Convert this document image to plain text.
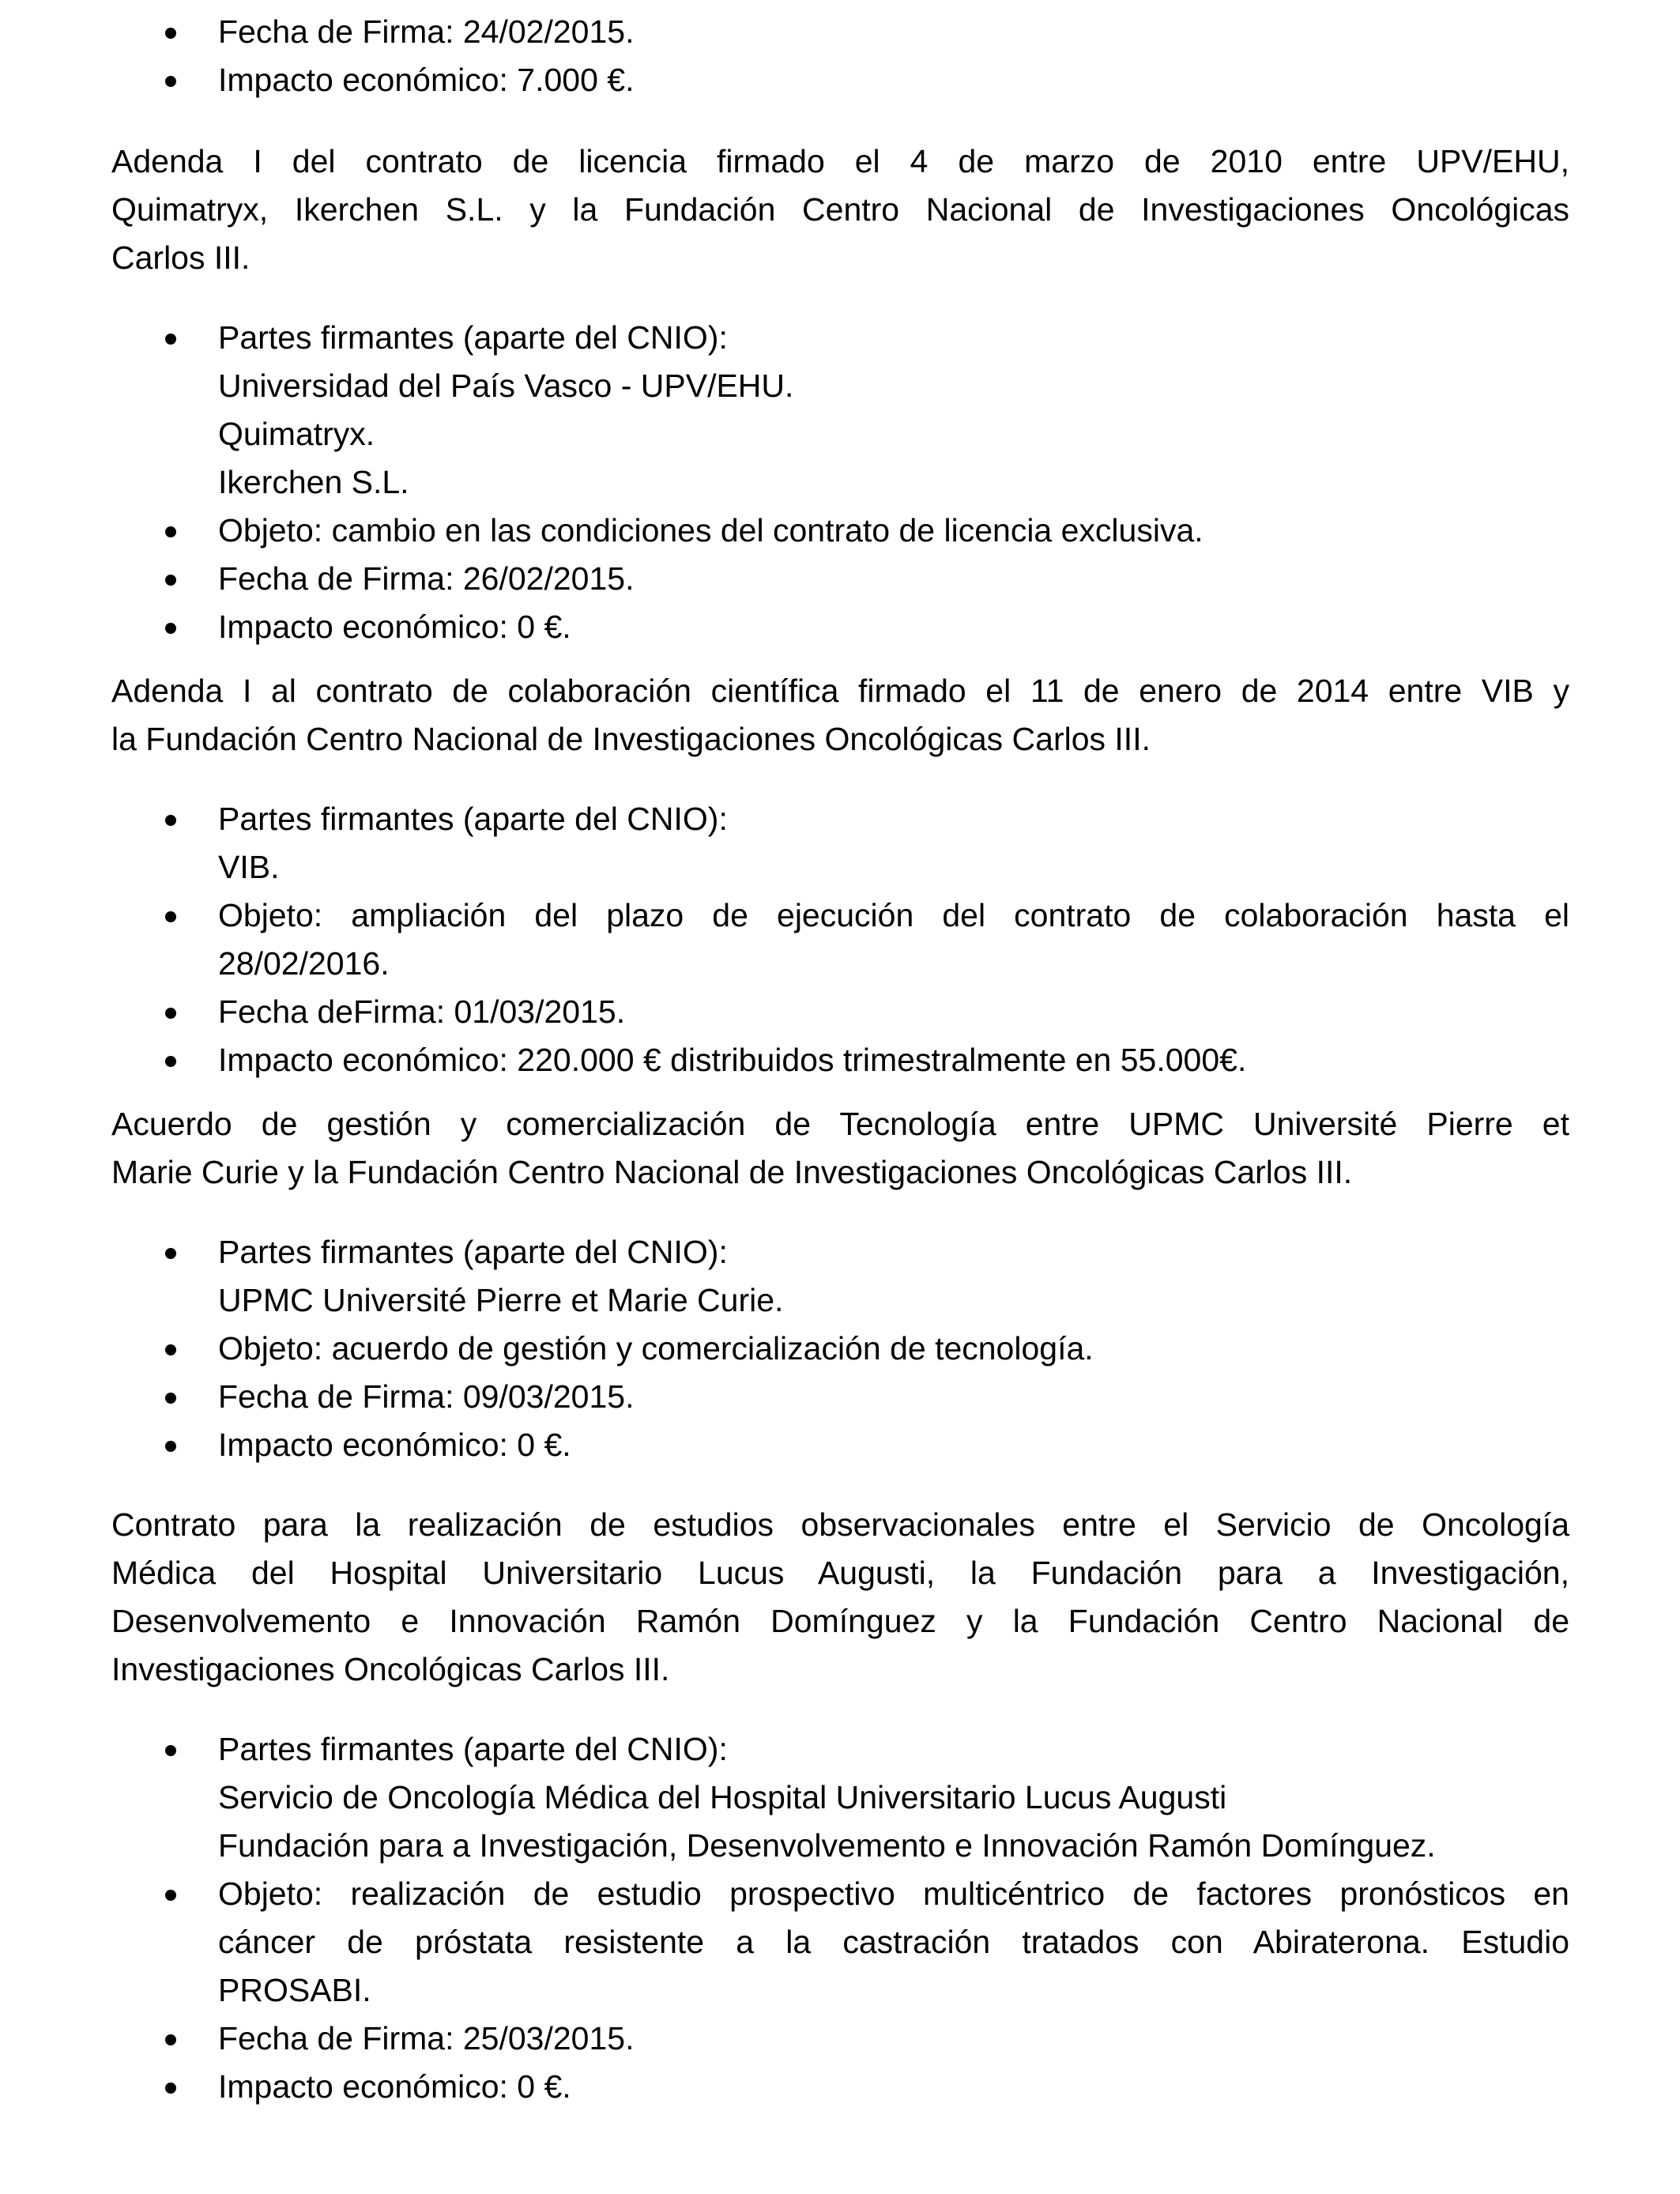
Fecha de Firma: 24/02/2015.
Impacto económico: 7.000 €.
Adenda I del contrato de licencia firmado el 4 de marzo de 2010 entre UPV/EHU,
Quimatryx, Ikerchen S.L. y la Fundación Centro Nacional de Investigaciones Oncológicas
Carlos III.
Partes firmantes (aparte del CNIO):
Universidad del País Vasco - UPV/EHU.
Quimatryx.
Ikerchen S.L.
Objeto: cambio en las condiciones del contrato de licencia exclusiva.
Fecha de Firma: 26/02/2015.
Impacto económico: 0 €.
Adenda I al contrato de colaboración científica firmado el 11 de enero de 2014 entre VIB y
la Fundación Centro Nacional de Investigaciones Oncológicas Carlos III.
Partes firmantes (aparte del CNIO):
VIB.
Objeto: ampliación del plazo de ejecución del contrato de colaboración hasta el
28/02/2016.
Fecha deFirma: 01/03/2015.
Impacto económico: 220.000 € distribuidos trimestralmente en 55.000€.
Acuerdo de gestión y comercialización de Tecnología entre UPMC Université Pierre et
Marie Curie y la Fundación Centro Nacional de Investigaciones Oncológicas Carlos III.
Partes firmantes (aparte del CNIO):
UPMC Université Pierre et Marie Curie.
Objeto: acuerdo de gestión y comercialización de tecnología.
Fecha de Firma: 09/03/2015.
Impacto económico: 0 €.
Contrato para la realización de estudios observacionales entre el Servicio de Oncología
Médica del Hospital Universitario Lucus Augusti, la Fundación para a Investigación,
Desenvolvemento e Innovación Ramón Domínguez y la Fundación Centro Nacional de
Investigaciones Oncológicas Carlos III.
Partes firmantes (aparte del CNIO):
Servicio de Oncología Médica del Hospital Universitario Lucus Augusti
Fundación para a Investigación, Desenvolvemento e Innovación Ramón Domínguez.
Objeto: realización de estudio prospectivo multicéntrico de factores pronósticos en
cáncer de próstata resistente a la castración tratados con Abiraterona. Estudio
PROSABI.
Fecha de Firma: 25/03/2015.
Impacto económico: 0 €.
